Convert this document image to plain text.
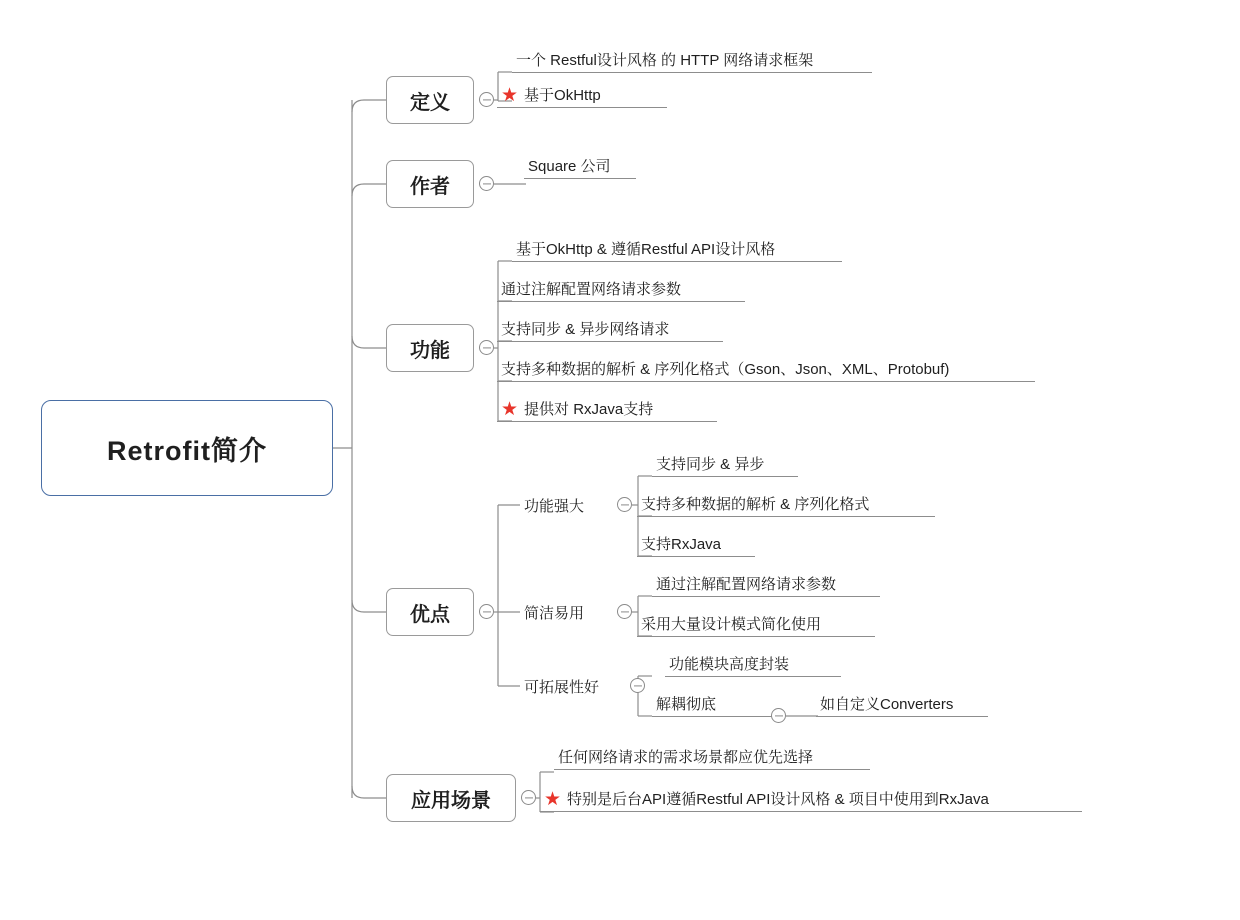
Retrofit简介
定义
一个 Restful设计风格 的 HTTP 网络请求框架
★ 基于OkHttp
作者
Square 公司
功能
基于OkHttp & 遵循Restful API设计风格
通过注解配置网络请求参数
支持同步 & 异步网络请求
支持多种数据的解析 & 序列化格式（Gson、Json、XML、Protobuf)
★ 提供对 RxJava支持
优点
功能强大
支持同步 & 异步
支持多种数据的解析 & 序列化格式
支持RxJava
简洁易用
通过注解配置网络请求参数
采用大量设计模式简化使用
可拓展性好
功能模块高度封装
解耦彻底	如自定义Converters
应用场景
任何网络请求的需求场景都应优先选择
★ 特别是后台API遵循Restful API设计风格 & 项目中使用到RxJava
